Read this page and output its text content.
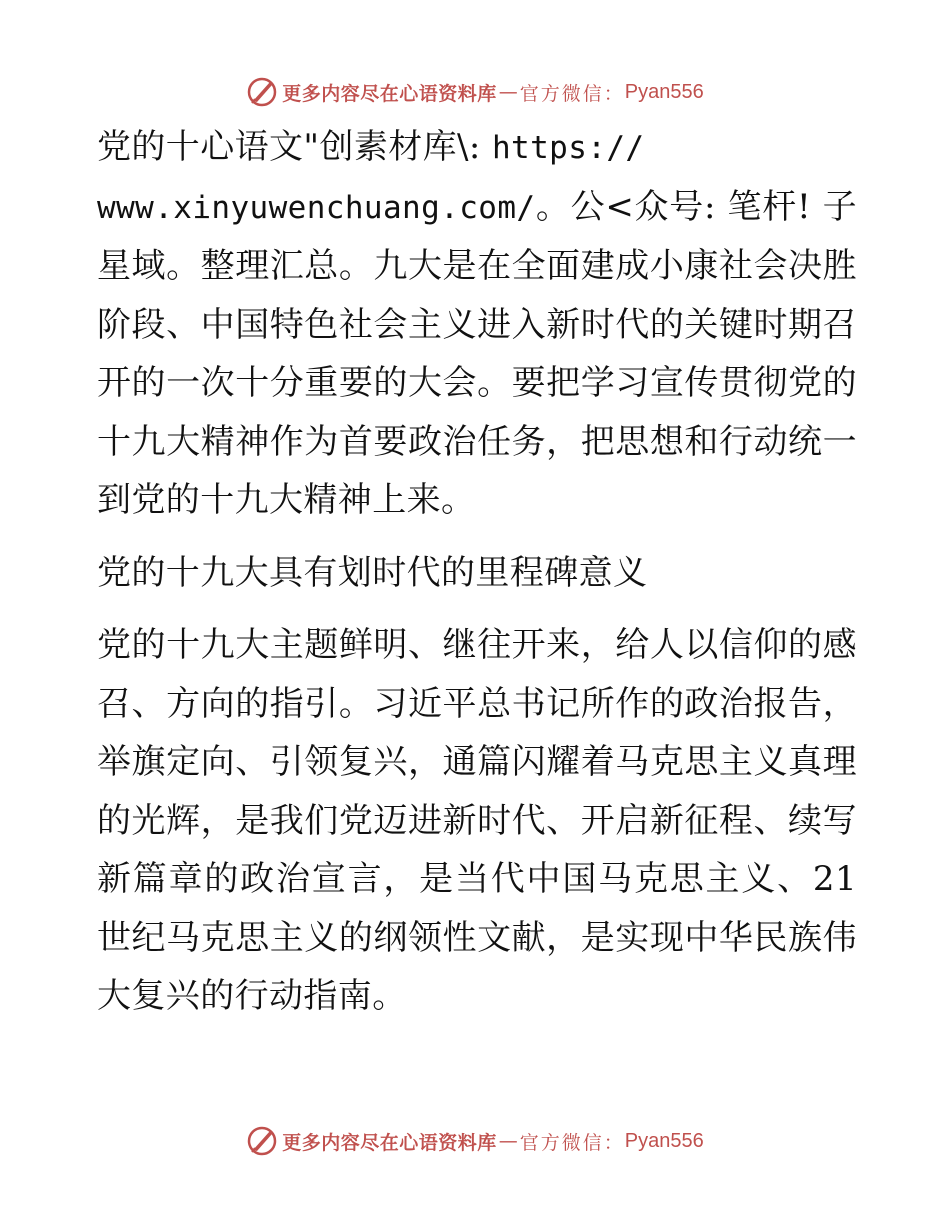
更多内容尽在心语资料库 — 官方微信： Pyan556

党的十心语文"创素材库\: https://
www.xinyuwenchuang.com/。公<众号: 笔杆! 子星域。整理汇总。九大是在全面建成小康社会决胜阶段、中国特色社会主义进入新时代的关键时期召开的一次十分重要的大会。要把学习宣传贯彻党的十九大精神作为首要政治任务，把思想和行动统一到党的十九大精神上来。

党的十九大具有划时代的里程碑意义

党的十九大主题鲜明、继往开来，给人以信仰的感召、方向的指引。习近平总书记所作的政治报告，举旗定向、引领复兴，通篇闪耀着马克思主义真理的光辉，是我们党迈进新时代、开启新征程、续写新篇章的政治宣言，是当代中国马克思主义、21世纪马克思主义的纲领性文献，是实现中华民族伟大复兴的行动指南。

更多内容尽在心语资料库 — 官方微信： Pyan556
